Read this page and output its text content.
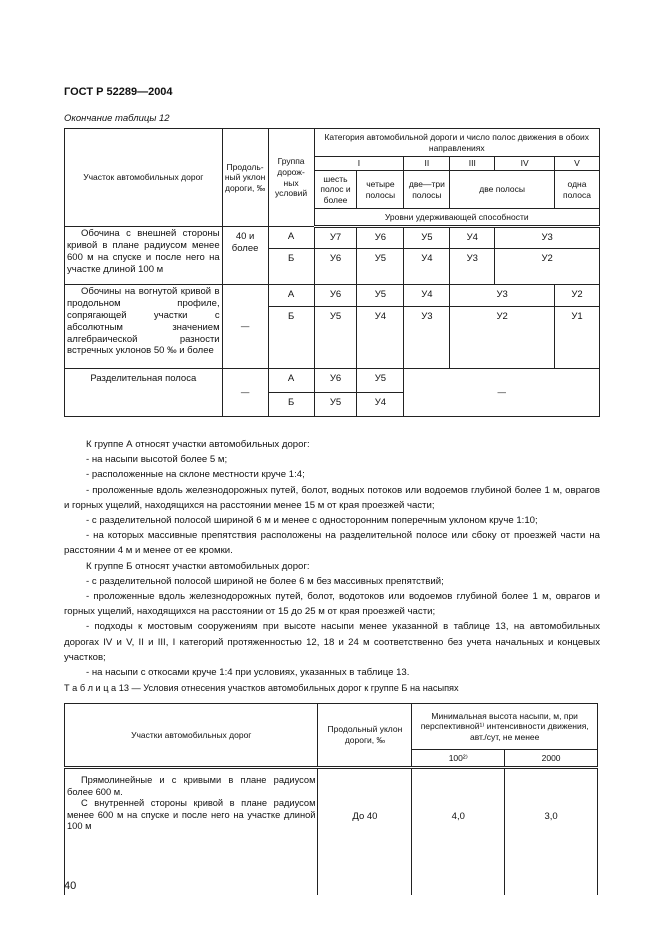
ГОСТ Р 52289—2004
Окончание таблицы 12
Участок автомобильных дорог	Продоль-ный уклон дороги, ‰	Группа дорож-ных условий	Категория автомобильной дороги и число полос движения в обоих направлениях					
			I		II	III	IV	V
			шесть полос и более	четыре полосы	две—три полосы	две полосы		одна полоса
			Уровни удерживающей способности					
Обочина с внешней стороны кривой в плане радиусом менее 600 м на спуске и после него на участке длиной 100 м	40 и более	А	У7	У6	У5	У4	У3	
		Б	У6	У5	У4	У3	У2	
Обочины на вогнутой кривой в продольном профиле, сопрягающей участки с абсолютным значением алгебраической разности встречных уклонов 50 ‰ и более	—	А	У6	У5	У4	У3		У2
		Б	У5	У4	У3	У2		У1
Разделительная полоса	—	А	У6	У5	—			
		Б	У5	У4				

К группе А относят участки автомобильных дорог:

- на насыпи высотой более 5 м;

- расположенные на склоне местности круче 1:4;

- проложенные вдоль железнодорожных путей, болот, водных потоков или водоемов глубиной более 1 м, оврагов и горных ущелий, находящихся на расстоянии менее 15 м от края проезжей части;

- с разделительной полосой шириной 6 м и менее с односторонним поперечным уклоном круче 1:10;

- на которых массивные препятствия расположены на разделительной полосе или сбоку от проезжей части на расстоянии 4 м и менее от ее кромки.

К группе Б относят участки автомобильных дорог:

- с разделительной полосой шириной не более 6 м без массивных препятствий;

- проложенные вдоль железнодорожных путей, болот, водотоков или водоемов глубиной более 1 м, оврагов и горных ущелий, находящихся на расстоянии от 15 до 25 м от края проезжей части;

- подходы к мостовым сооружениям при высоте насыпи менее указанной в таблице 13, на автомобильных дорогах IV и V, II и III, I категорий протяженностью 12, 18 и 24 м соответственно без учета начальных и концевых участков;

- на насыпи с откосами круче 1:4 при условиях, указанных в таблице 13.

Т а б л и ц а 13 — Условия отнесения участков автомобильных дорог к группе Б на насыпях
Участки автомобильных дорог	Продольный уклон дороги, ‰	Минимальная высота насыпи, м, при перспективной¹⁾ интенсивности движения, авт./сут, не менее	
		100²⁾	2000

Прямолинейные и с кривыми в плане радиусом более 600 м.
С внутренней стороны кривой в плане радиусом менее 600 м на спуске и после него на участке длиной 100 м	До 40	4,0	3,0
40
